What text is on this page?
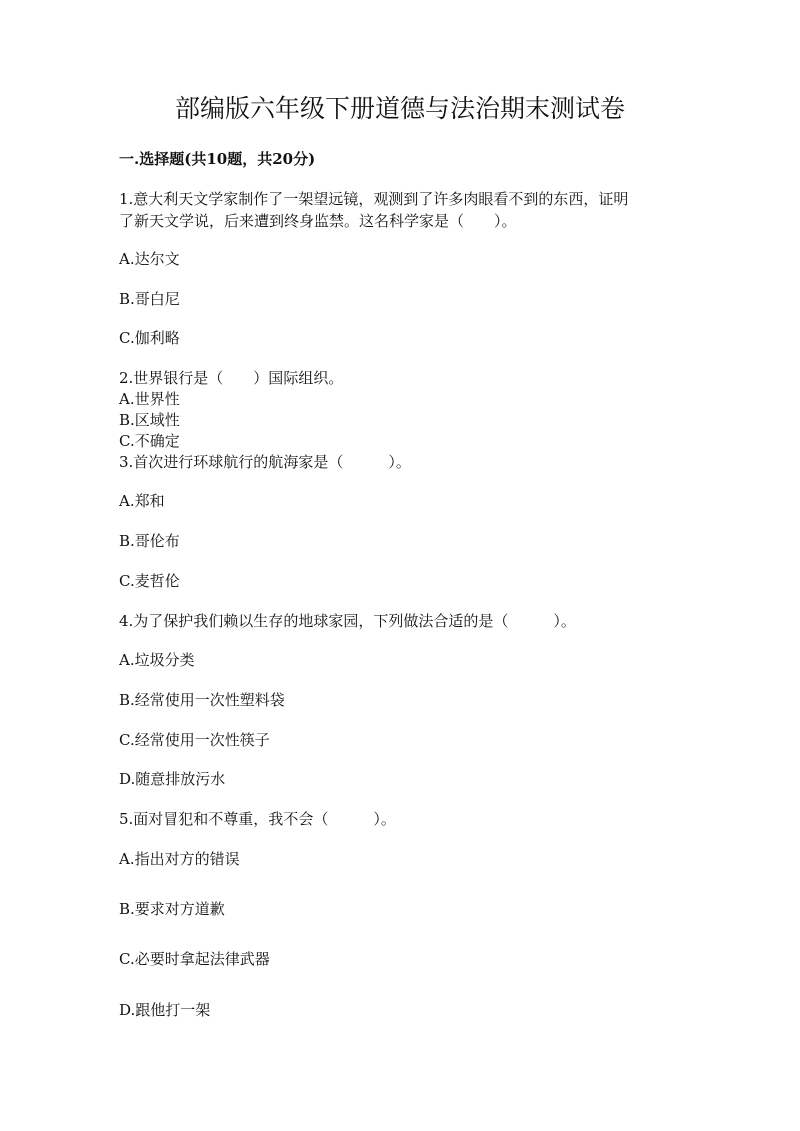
部编版六年级下册道德与法治期末测试卷

一.选择题(共10题，共20分)

1.意大利天文学家制作了一架望远镜，观测到了许多肉眼看不到的东西，证明

了新天文学说，后来遭到终身监禁。这名科学家是（　　）。

A.达尔文

B.哥白尼

C.伽利略

2.世界银行是（　　）国际组织。

A.世界性

B.区域性

C.不确定

3.首次进行环球航行的航海家是（　　　）。

A.郑和

B.哥伦布

C.麦哲伦

4.为了保护我们赖以生存的地球家园，下列做法合适的是（　　　）。

A.垃圾分类

B.经常使用一次性塑料袋

C.经常使用一次性筷子

D.随意排放污水

5.面对冒犯和不尊重，我不会（　　　）。

A.指出对方的错误

B.要求对方道歉

C.必要时拿起法律武器

D.跟他打一架
